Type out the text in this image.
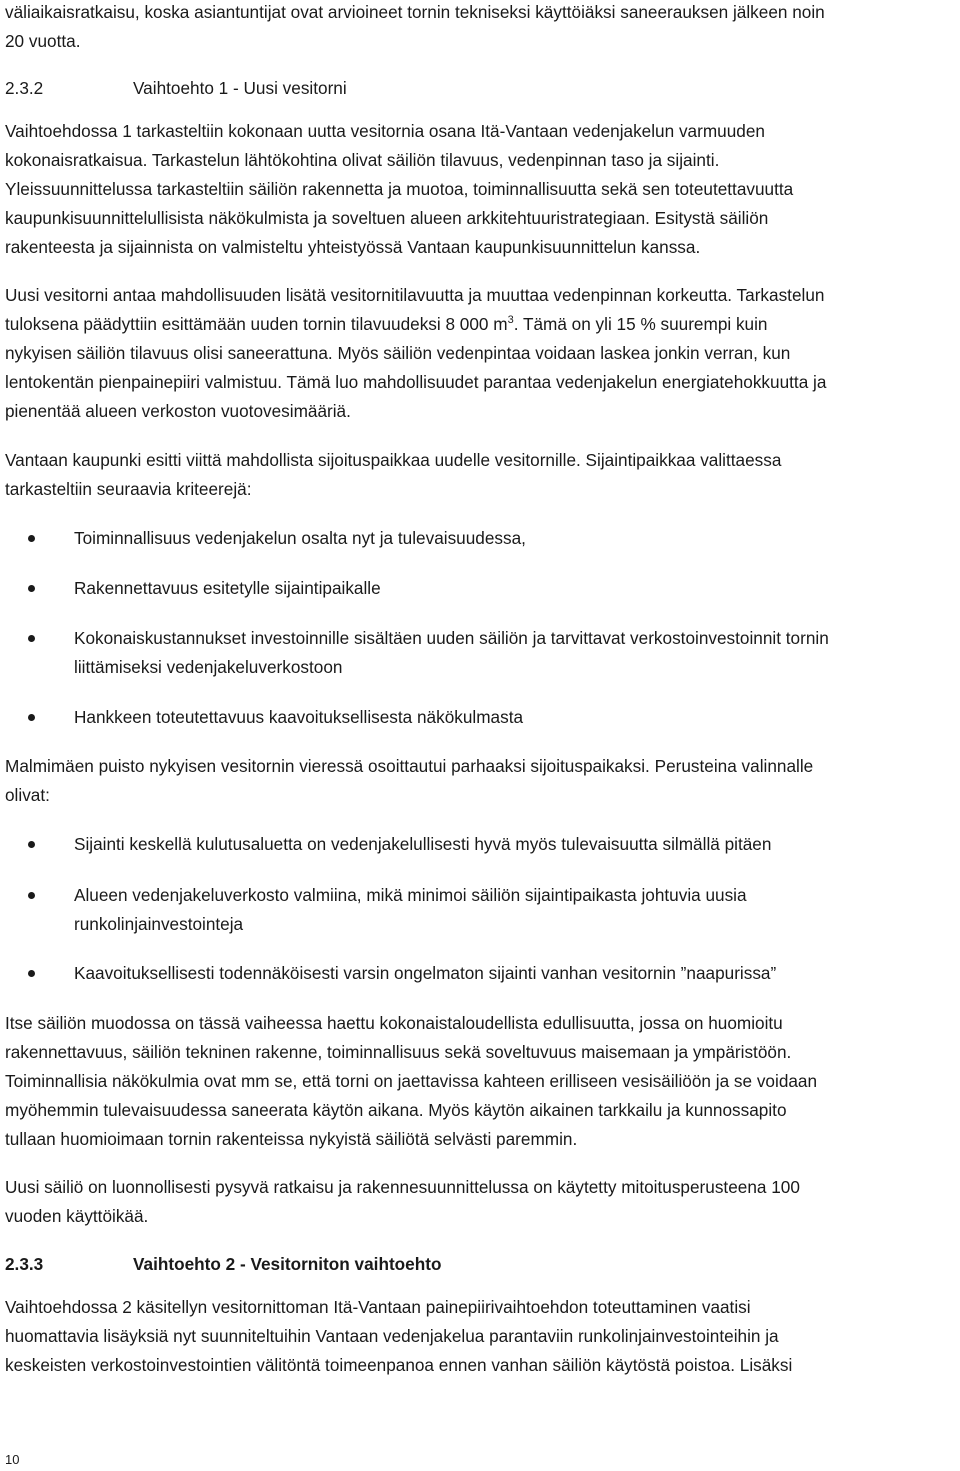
väliaikaisratkaisu, koska asiantuntijat ovat arvioineet tornin tekniseksi käyttöiäksi saneerauksen jälkeen noin
20 vuotta.
2.3.2	Vaihtoehto 1 - Uusi vesitorni
Vaihtoehdossa 1 tarkasteltiin kokonaan uutta vesitornia osana Itä-Vantaan vedenjakelun varmuuden
kokonaisratkaisua. Tarkastelun lähtökohtina olivat säiliön tilavuus, vedenpinnan taso ja sijainti.
Yleissuunnittelussa tarkasteltiin säiliön rakennetta ja muotoa, toiminnallisuutta sekä sen toteutettavuutta
kaupunkisuunnittelullisista näkökulmista ja soveltuen alueen arkkitehtuuristrategiaan. Esitystä säiliön
rakenteesta ja sijainnista on valmisteltu yhteistyössä Vantaan kaupunkisuunnittelun kanssa.
Uusi vesitorni antaa mahdollisuuden lisätä vesitornitilavuutta ja muuttaa vedenpinnan korkeutta. Tarkastelun
tuloksena päädyttiin esittämään uuden tornin tilavuudeksi 8 000 $m^3$. Tämä on yli 15 % suurempi kuin
nykyisen säiliön tilavuus olisi saneerattuna. Myös säiliön vedenpintaa voidaan laskea jonkin verran, kun
lentokentän pienpainepiiri valmistuu. Tämä luo mahdollisuudet parantaa vedenjakelun energiatehokkuutta ja
pienentää alueen verkoston vuotovesimääriä.
Vantaan kaupunki esitti viittä mahdollista sijoituspaikkaa uudelle vesitornille. Sijaintipaikkaa valittaessa
tarkasteltiin seuraavia kriteerejä:
Toiminnallisuus vedenjakelun osalta nyt ja tulevaisuudessa,
Rakennettavuus esitetylle sijaintipaikalle
Kokonaiskustannukset investoinnille sisältäen uuden säiliön ja tarvittavat verkostoinvestoinnit tornin
liittämiseksi vedenjakeluverkostoon
Hankkeen toteutettavuus kaavoituksellisesta näkökulmasta
Malmimäen puisto nykyisen vesitornin vieressä osoittautui parhaaksi sijoituspaikaksi. Perusteina valinnalle
olivat:
Sijainti keskellä kulutusaluetta on vedenjakelullisesti hyvä myös tulevaisuutta silmällä pitäen
Alueen vedenjakeluverkosto valmiina, mikä minimoi säiliön sijaintipaikasta johtuvia uusia
runkolinjainvestointeja
Kaavoituksellisesti todennäköisesti varsin ongelmaton sijainti vanhan vesitornin ”naapurissa”
Itse säiliön muodossa on tässä vaiheessa haettu kokonaistaloudellista edullisuutta, jossa on huomioitu
rakennettavuus, säiliön tekninen rakenne, toiminnallisuus sekä soveltuvuus maisemaan ja ympäristöön.
Toiminnallisia näkökulmia ovat mm se, että torni on jaettavissa kahteen erilliseen vesisäiliöön ja se voidaan
myöhemmin tulevaisuudessa saneerata käytön aikana. Myös käytön aikainen tarkkailu ja kunnossapito
tullaan huomioimaan tornin rakenteissa nykyistä säiliötä selvästi paremmin.
Uusi säiliö on luonnollisesti pysyvä ratkaisu ja rakennesuunnittelussa on käytetty mitoitusperusteena 100
vuoden käyttöikää.
2.3.3	Vaihtoehto 2 - Vesitorniton vaihtoehto
Vaihtoehdossa 2 käsitellyn vesitornittoman Itä-Vantaan painepiirivaihtoehdon toteuttaminen vaatisi
huomattavia lisäyksiä nyt suunniteltuihin Vantaan vedenjakelua parantaviin runkolinjainvestointeihin ja
keskeisten verkostoinvestointien välitöntä toimeenpanoa ennen vanhan säiliön käytöstä poistoa. Lisäksi
10
